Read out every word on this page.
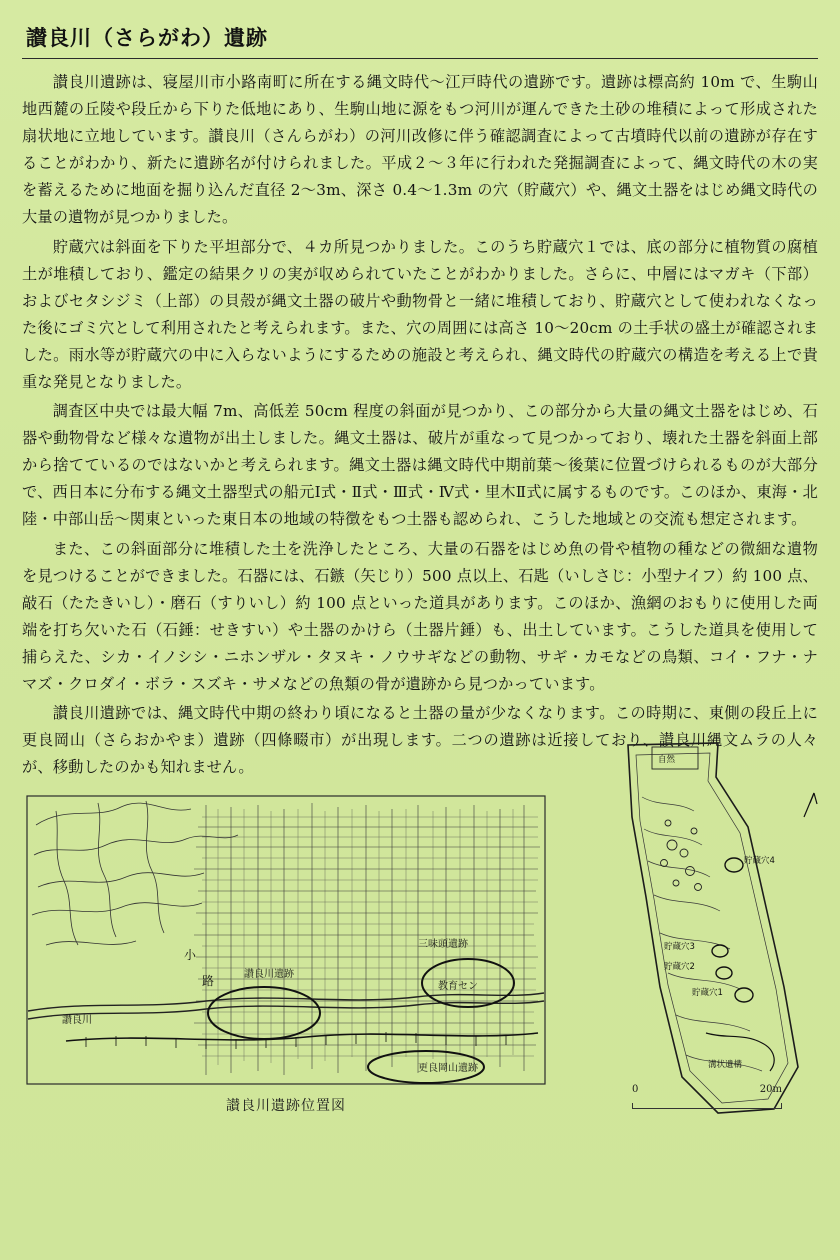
讃良川（さらがわ）遺跡

　讃良川遺跡は、寝屋川市小路南町に所在する縄文時代〜江戸時代の遺跡です。遺跡は標高約 10m で、生駒山地西麓の丘陵や段丘から下りた低地にあり、生駒山地に源をもつ河川が運んできた土砂の堆積によって形成された扇状地に立地しています。讃良川（さんらがわ）の河川改修に伴う確認調査によって古墳時代以前の遺跡が存在することがわかり、新たに遺跡名が付けられました。平成２〜３年に行われた発掘調査によって、縄文時代の木の実を蓄えるために地面を掘り込んだ直径 2〜3m、深さ 0.4〜1.3m の穴（貯蔵穴）や、縄文土器をはじめ縄文時代の大量の遺物が見つかりました。

　貯蔵穴は斜面を下りた平坦部分で、４カ所見つかりました。このうち貯蔵穴１では、底の部分に植物質の腐植土が堆積しており、鑑定の結果クリの実が収められていたことがわかりました。さらに、中層にはマガキ（下部）およびセタシジミ（上部）の貝殻が縄文土器の破片や動物骨と一緒に堆積しており、貯蔵穴として使われなくなった後にゴミ穴として利用されたと考えられます。また、穴の周囲には高さ 10〜20cm の土手状の盛土が確認されました。雨水等が貯蔵穴の中に入らないようにするための施設と考えられ、縄文時代の貯蔵穴の構造を考える上で貴重な発見となりました。

　調査区中央では最大幅 7m、高低差 50cm 程度の斜面が見つかり、この部分から大量の縄文土器をはじめ、石器や動物骨など様々な遺物が出土しました。縄文土器は、破片が重なって見つかっており、壊れた土器を斜面上部から捨てているのではないかと考えられます。縄文土器は縄文時代中期前葉〜後葉に位置づけられるものが大部分で、西日本に分布する縄文土器型式の船元Ⅰ式・Ⅱ式・Ⅲ式・Ⅳ式・里木Ⅱ式に属するものです。このほか、東海・北陸・中部山岳〜関東といった東日本の地域の特徴をもつ土器も認められ、こうした地域との交流も想定されます。

　また、この斜面部分に堆積した土を洗浄したところ、大量の石器をはじめ魚の骨や植物の種などの微細な遺物を見つけることができました。石器には、石鏃（矢じり）500 点以上、石匙（いしさじ：小型ナイフ）約 100 点、敲石（たたきいし）・磨石（すりいし）約 100 点といった道具があります。このほか、漁網のおもりに使用した両端を打ち欠いた石（石錘：せきすい）や土器のかけら（土器片錘）も、出土しています。こうした道具を使用して捕らえた、シカ・イノシシ・ニホンザル・タヌキ・ノウサギなどの動物、サギ・カモなどの鳥類、コイ・フナ・ナマズ・クロダイ・ボラ・スズキ・サメなどの魚類の骨が遺跡から見つかっています。

　讃良川遺跡では、縄文時代中期の終わり頃になると土器の量が少なくなります。この時期に、東側の段丘上に更良岡山（さらおかやま）遺跡（四條畷市）が出現します。二つの遺跡は近接しており、讃良川縄文ムラの人々が、移動したのかも知れません。

小
路	讃良川遺跡
三味頭遺跡
教育セン
讃良川
更良岡山遺跡
讃良川遺跡位置図
自然
貯蔵穴4
貯蔵穴3
貯蔵穴2
貯蔵穴1
溝状遺構
0	20m
